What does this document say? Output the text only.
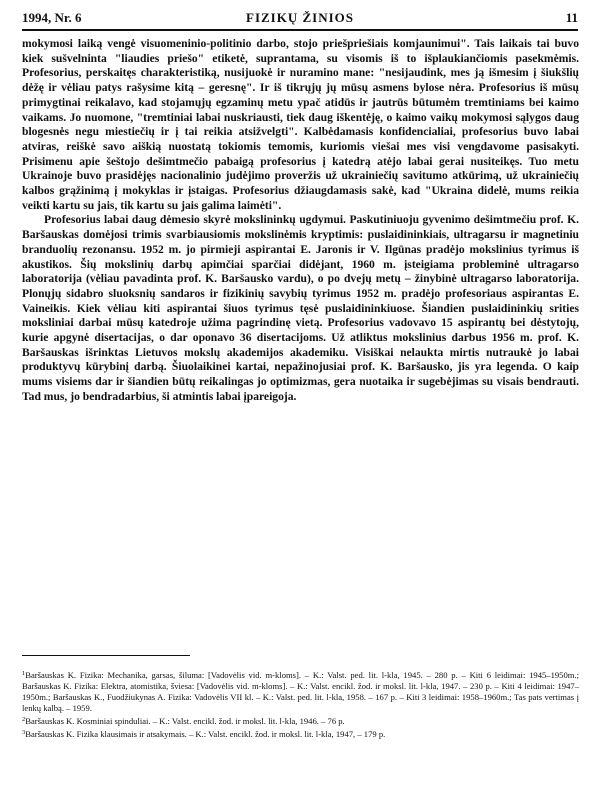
1994, Nr. 6	FIZIKŲ ŽINIOS	11

mokymosi laiką vengė visuomeninio-politinio darbo, stojo priešpriešiais komjaunimui". Tais laikais tai buvo kiek sušvelninta "liaudies priešo" etiketė, suprantama, su visomis iš to išplaukiančiomis pasekmėmis. Profesorius, perskaitęs charakteristiką, nusijuokė ir nuramino mane: "nesijaudink, mes ją išmesim į šiukšlių dėžę ir vėliau patys rašysime kitą – geresnę". Ir iš tikrųjų jų mūsų asmens bylose nėra. Profesorius iš mūsų primygtinai reikalavo, kad stojamųjų egzaminų metu ypač atidūs ir jautrūs būtumėm tremtiniams bei kaimo vaikams. Jo nuomone, "tremtiniai labai nuskriausti, tiek daug iškentėję, o kaimo vaikų mokymosi sąlygos daug blogesnės negu miestiečių ir į tai reikia atsižvelgti". Kalbėdamasis konfidencialiai, profesorius buvo labai atviras, reiškė savo aiškią nuostatą tokiomis temomis, kuriomis viešai mes visi vengdavome pasisakyti. Prisimenu apie šeštojo dešimtmečio pabaigą profesorius į katedrą atėjo labai gerai nusiteikęs. Tuo metu Ukrainoje buvo prasidėjęs nacionalinio judėjimo proveržis už ukrainiečių savitumo atkūrimą, už ukrainiečių kalbos grąžinimą į mokyklas ir įstaigas. Profesorius džiaugdamasis sakė, kad "Ukraina didelė, mums reikia veikti kartu su jais, tik kartu su jais galima laimėti".

Profesorius labai daug dėmesio skyrė mokslininkų ugdymui. Paskutiniuoju gyvenimo dešimtmečiu prof. K. Baršauskas domėjosi trimis svarbiausiomis mokslinėmis kryptimis: puslaidininkiais, ultragarsu ir magnetiniu branduolių rezonansu. 1952 m. jo pirmieji aspirantai E. Jaronis ir V. Ilgūnas pradėjo mokslinius tyrimus iš akustikos. Šių mokslinių darbų apimčiai sparčiai didėjant, 1960 m. įsteigiama probleminė ultragarso laboratorija (vėliau pavadinta prof. K. Baršausko vardu), o po dvejų metų – žinybinė ultragarso laboratorija. Plonųjų sidabro sluoksnių sandaros ir fizikinių savybių tyrimus 1952 m. pradėjo profesoriaus aspirantas E. Vaineikis. Kiek vėliau kiti aspirantai šiuos tyrimus tęsė puslaidininkiuose. Šiandien puslaidininkių srities moksliniai darbai mūsų katedroje užima pagrindinę vietą. Profesorius vadovavo 15 aspirantų bei dėstytojų, kurie apgynė disertacijas, o dar oponavo 36 disertacijoms. Už atliktus mokslinius darbus 1956 m. prof. K. Baršauskas išrinktas Lietuvos mokslų akademijos akademiku. Visiškai nelaukta mirtis nutraukė jo labai produktyvų kūrybinį darbą. Šiuolaikinei kartai, nepažinojusiai prof. K. Baršausko, jis yra legenda. O kaip mums visiems dar ir šiandien būtų reikalingas jo optimizmas, gera nuotaika ir sugebėjimas su visais bendrauti. Tad mus, jo bendradarbius, ši atmintis labai įpareigoja.

$^1$Baršauskas K. Fizika: Mechanika, garsas, šiluma: [Vadovėlis vid. m-kloms]. – K.: Valst. ped. lit. l-kla, 1945. – 280 p. – Kiti 6 leidimai: 1945–1950m.; Baršauskas K. Fizika: Elektra, atomistika, šviesa: [Vadovėlis vid. m-kloms]. – K.: Valst. encikl. žod. ir moksl. lit. l-kla, 1947. – 230 p. – Kiti 4 leidimai: 1947–1950m.; Baršauskas K., Fuodžiukynas A. Fizika: Vadovėlis VII kl. – K.: Valst. ped. lit. l-kla, 1958. – 167 p. – Kiti 3 leidimai: 1958–1960m.; Tas pats vertimas į lenkų kalbą. – 1959.

$^2$Baršauskas K. Kosminiai spinduliai. – K.: Valst. encikl. žod. ir moksl. lit. l-kla, 1946. – 76 p.

$^3$Baršauskas K. Fizika klausimais ir atsakymais. – K.: Valst. encikl. žod. ir moksl. lit. l-kla, 1947, – 179 p.
